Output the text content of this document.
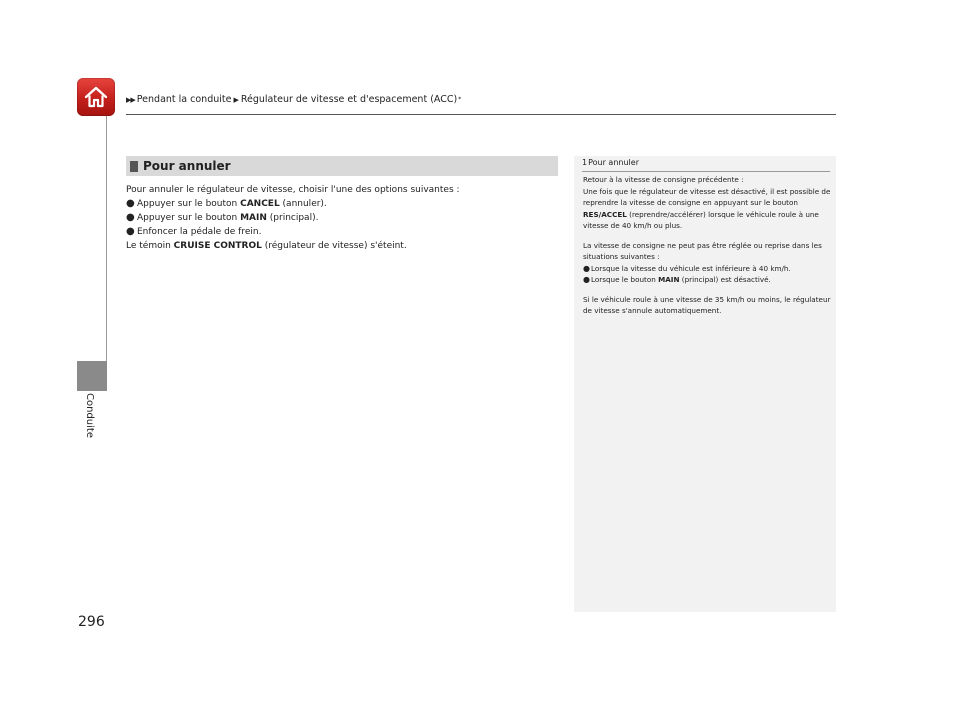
▶▶ Pendant la conduite ▶ Régulateur de vitesse et d'espacement (ACC) *
Conduite
Pour annuler

Pour annuler le régulateur de vitesse, choisir l'une des options suivantes :

● Appuyer sur le bouton CANCEL (annuler).
● Appuyer sur le bouton MAIN (principal).
● Enfoncer la pédale de frein.

Le témoin CRUISE CONTROL (régulateur de vitesse) s'éteint.

1 Pour annuler

Retour à la vitesse de consigne précédente :

Une fois que le régulateur de vitesse est désactivé, il est possible de reprendre la vitesse de consigne en appuyant sur le bouton RES/ACCEL (reprendre/accélérer) lorsque le véhicule roule à une vitesse de 40 km/h ou plus.

La vitesse de consigne ne peut pas être réglée ou reprise dans les situations suivantes :

● Lorsque la vitesse du véhicule est inférieure à 40 km/h.
● Lorsque le bouton MAIN (principal) est désactivé.

Si le véhicule roule à une vitesse de 35 km/h ou moins, le régulateur de vitesse s'annule automatiquement.

296
